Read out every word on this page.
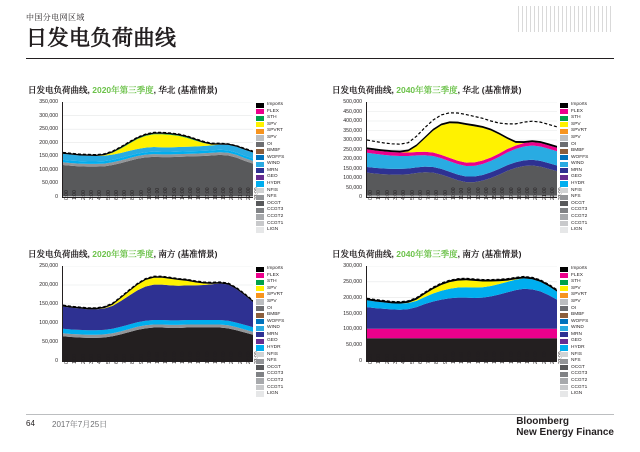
中国分电网区域
日发电负荷曲线
日发电负荷曲线, 2020年第三季度, 华北 (基准情景)
0
50,000
100,000
150,000
200,000
250,000
300,000
350,000
0:00 1:00 2:00 3:00 4:00 5:00 6:00 7:00 8:00 9:00 10:00 11:00 12:00 13:00 14:00 15:00 16:00 17:00 18:00 19:00 20:00 21:00 22:00
Imports
FLEX
STH
SPV
SPVRT
SPV
OI
BMBF
WOFFS
WIND
MRN
GEO
HYDR
NFIS
NFS
OCGT
CCGT3
CCGT2
CCGT1
LIGN
日发电负荷曲线, 2040年第三季度, 华北 (基准情景)
0
50,000
100,000
150,000
200,000
250,000
300,000
350,000
400,000
450,000
500,000
0:00 1:00 2:00 3:00 4:00 5:00 6:00 7:00 8:00 9:00 10:00 11:00 12:00 13:00 14:00 15:00 16:00 17:00 18:00 19:00 20:00 21:00 22:00
Imports
FLEX
STH
SPV
SPVRT
SPV
OI
BMBF
WOFFS
WIND
MRN
GEO
HYDR
NFIS
NFS
OCGT
CCGT3
CCGT2
CCGT1
LIGN
日发电负荷曲线, 2020年第三季度, 南方 (基准情景)
0
50,000
100,000
150,000
200,000
250,000
0:00 1:00 2:00 3:00 4:00 5:00 6:00 7:00 8:00 9:00 10:00 11:00 12:00 13:00 14:00 15:00 16:00 17:00 18:00 19:00 20:00 21:00 22:00
Imports
FLEX
STH
SPV
SPVRT
SPV
OI
BMBF
WOFFS
WIND
MRN
GEO
HYDR
NFIS
NFS
OCGT
CCGT3
CCGT2
CCGT1
LIGN
日发电负荷曲线, 2040年第三季度, 南方 (基准情景)
0
50,000
100,000
150,000
200,000
250,000
300,000
0:00 1:00 2:00 3:00 4:00 5:00 6:00 7:00 8:00 9:00 10:00 11:00 12:00 13:00 14:00 15:00 16:00 17:00 18:00 19:00 20:00 21:00 22:00
Imports
FLEX
STH
SPV
SPVRT
SPV
OI
BMBF
WOFFS
WIND
MRN
GEO
HYDR
NFIS
NFS
OCGT
CCGT3
CCGT2
CCGT1
LIGN
64 2017年7月25日	Bloomberg
New Energy Finance
